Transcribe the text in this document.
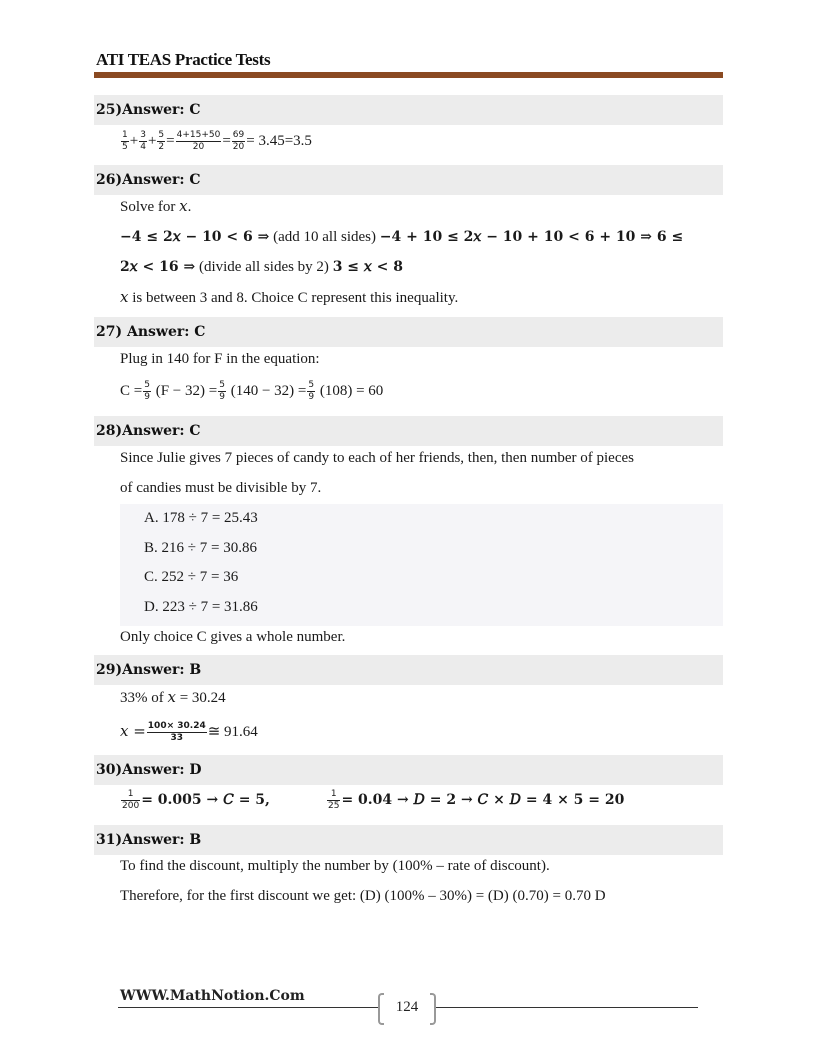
ATI TEAS Practice Tests
25)Answer: C
$\frac{1}{5} + \frac{3}{4} + \frac{5}{2} = \frac{4+15+50}{20} = \frac{69}{20} = 3.45=3.5$
26)Answer: C
Solve for 𝑥.
−4 ≤ 2𝑥 − 10 < 6 ⇒ (add 10 all sides) −4 + 10 ≤ 2𝑥 − 10 + 10 < 6 + 10 ⇒ 6 ≤
2𝑥 < 16 ⇒ (divide all sides by 2) 3 ≤ 𝑥 < 8
𝑥 is between 3 and 8. Choice C represent this inequality.
27) Answer: C
Plug in 140 for F in the equation:
$C = \frac{5}{9} (F - 32) = \frac{5}{9} (140 - 32) = \frac{5}{9} (108) = 60$
28)Answer: C
Since Julie gives 7 pieces of candy to each of her friends, then, then number of pieces
of candies must be divisible by 7.
A. 178 ÷ 7 = 25.43
B. 216 ÷ 7 = 30.86
C. 252 ÷ 7 = 36
D. 223 ÷ 7 = 31.86
Only choice C gives a whole number.
29)Answer: B
33% of 𝑥 = 30.24
𝑥 = $\frac{100\times 30.24}{33}$ ≅ 91.64
30)Answer: D
$\frac{1}{200} = 0.005$ → 𝐶 = 5,	$\frac{1}{25} = 0.04$ → 𝐷 = 2 → 𝐶 × 𝐷 = 4 × 5 = 20
31)Answer: B
To find the discount, multiply the number by (100% – rate of discount).
Therefore, for the first discount we get: (D) (100% – 30%) = (D) (0.70) = 0.70 D
WWW.MathNotion.Com
124
